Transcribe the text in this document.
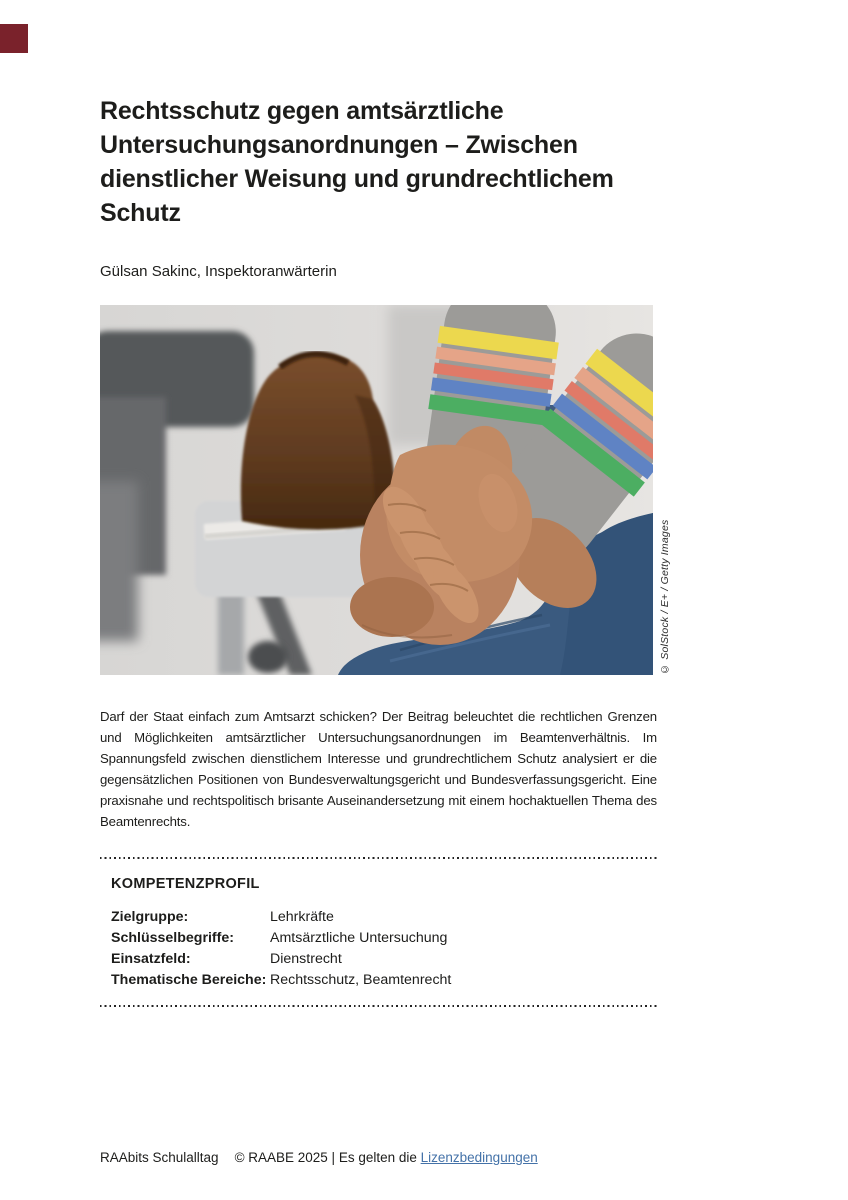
Rechtsschutz gegen amtsärztliche Untersuchungsanordnungen – Zwischen dienstlicher Weisung und grundrechtlichem Schutz
Gülsan Sakinc, Inspektoranwärterin
© SolStock / E+ / Getty Images

Darf der Staat einfach zum Amtsarzt schicken? Der Beitrag beleuchtet die rechtlichen Grenzen und Möglichkeiten amtsärztlicher Untersuchungsanordnungen im Beamtenverhältnis. Im Spannungsfeld zwischen dienstlichem Interesse und grundrechtlichem Schutz analysiert er die gegensätzlichen Positionen von Bundesverwaltungsgericht und Bundesverfassungsgericht. Eine praxisnahe und rechtspolitisch brisante Auseinandersetzung mit einem hochaktuellen Thema des Beamtenrechts.

KOMPETENZPROFIL
Zielgruppe:	Lehrkräfte
Schlüsselbegriffe:	Amtsärztliche Untersuchung
Einsatzfeld:	Dienstrecht
Thematische Bereiche: Rechtsschutz, Beamtenrecht
RAAbits Schulalltag © RAABE 2025 | Es gelten die Lizenzbedingungen
